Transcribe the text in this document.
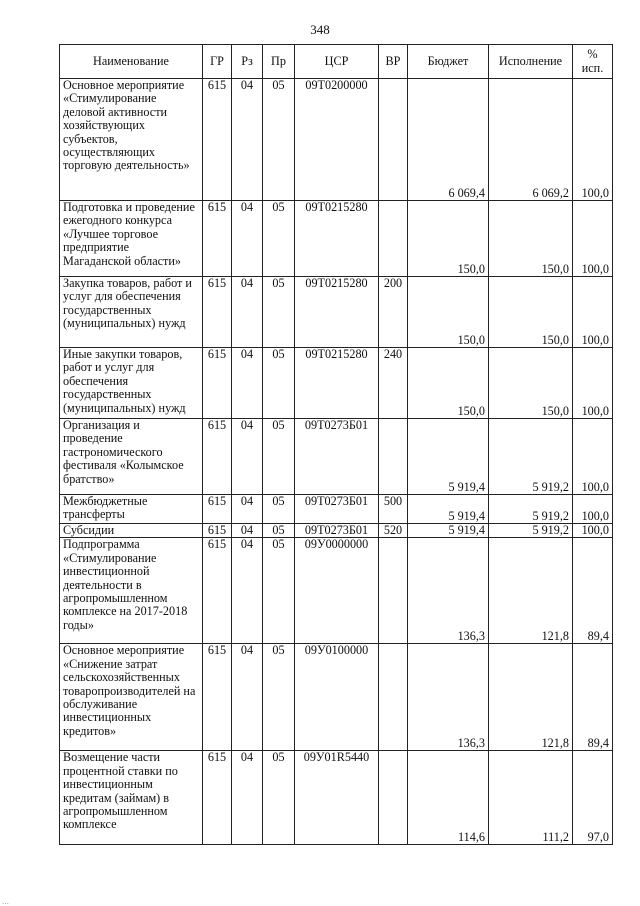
348
Наименование	ГР	Рз	Пр	ЦСР	ВР	Бюджет	Исполнение	% исп.
Основное мероприятие «Стимулирование деловой активности хозяйствующих субъектов, осуществляющих торговую деятельность»	615	04	05	09Т0200000		6 069,4	6 069,2	100,0
Подготовка и проведение ежегодного конкурса «Лучшее торговое предприятие Магаданской области»	615	04	05	09Т0215280		150,0	150,0	100,0
Закупка товаров, работ и услуг для обеспечения государственных (муниципальных) нужд	615	04	05	09Т0215280	200	150,0	150,0	100,0
Иные закупки товаров, работ и услуг для обеспечения государственных (муниципальных) нужд	615	04	05	09Т0215280	240	150,0	150,0	100,0
Организация и проведение гастрономического фестиваля «Колымское братство»	615	04	05	09Т0273Б01		5 919,4	5 919,2	100,0
Межбюджетные трансферты	615	04	05	09Т0273Б01	500	5 919,4	5 919,2	100,0
Субсидии	615	04	05	09Т0273Б01	520	5 919,4	5 919,2	100,0
Подпрограмма «Стимулирование инвестиционной деятельности в агропромышленном комплексе на 2017-2018 годы»	615	04	05	09У0000000		136,3	121,8	89,4
Основное мероприятие «Снижение затрат сельскохозяйственных товаропроизводителей на обслуживание инвестиционных кредитов»	615	04	05	09У0100000		136,3	121,8	89,4
Возмещение части процентной ставки по инвестиционным кредитам (займам) в агропромышленном комплексе	615	04	05	09У01R5440		114,6	111,2	97,0
…
